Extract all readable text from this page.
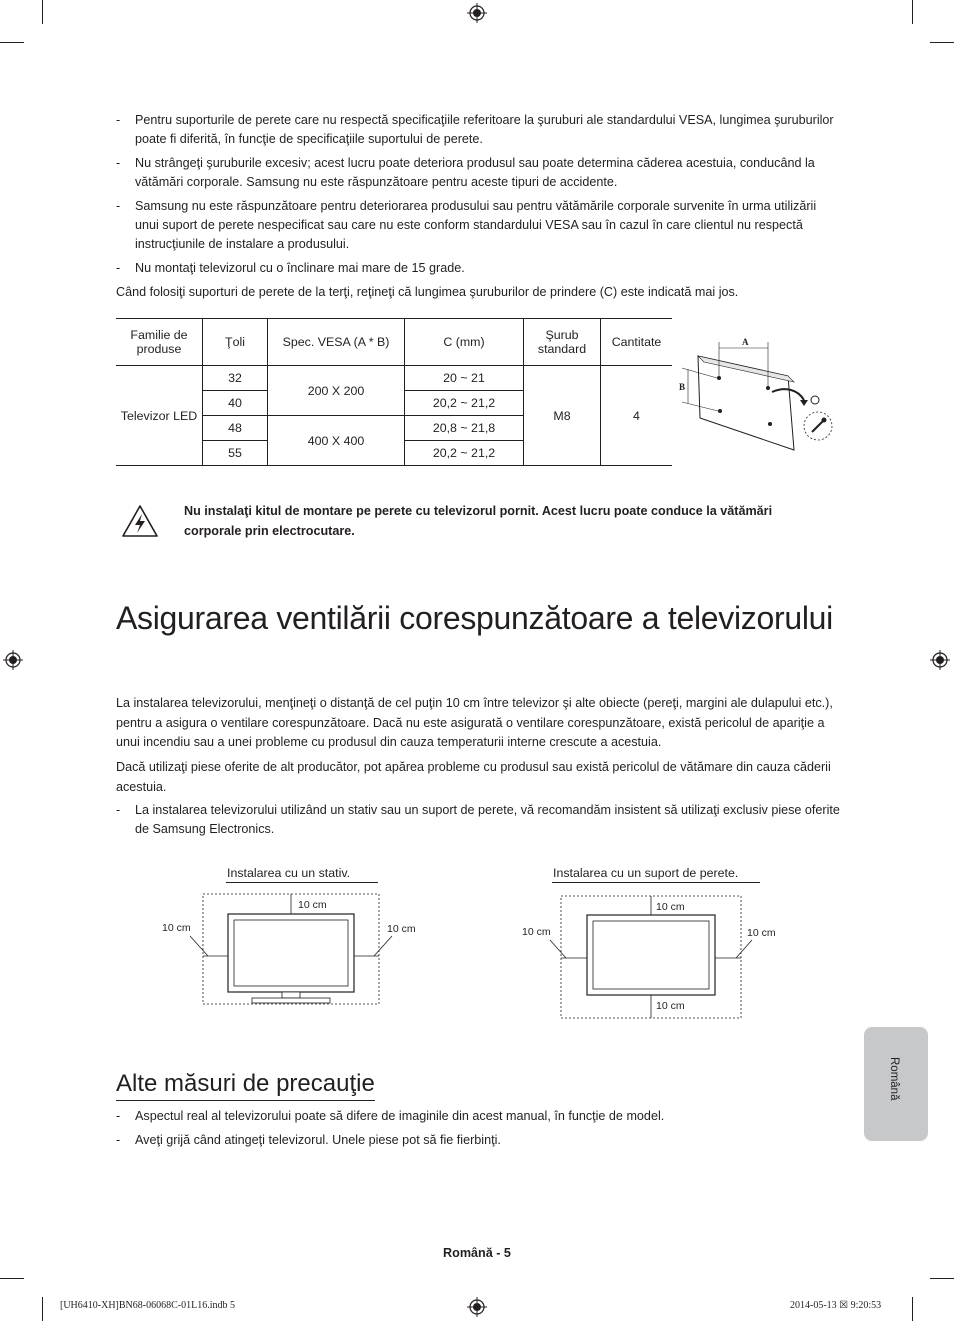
- Pentru suporturile de perete care nu respectă specificaţiile referitoare la şuruburi ale standardului VESA, lungimea şuruburilor poate fi diferită, în funcţie de specificaţiile suportului de perete.
- Nu strângeţi şuruburile excesiv; acest lucru poate deteriora produsul sau poate determina căderea acestuia, conducând la vătămări corporale. Samsung nu este răspunzătoare pentru aceste tipuri de accidente.
- Samsung nu este răspunzătoare pentru deteriorarea produsului sau pentru vătămările corporale survenite în urma utilizării unui suport de perete nespecificat sau care nu este conform standardului VESA sau în cazul în care clientul nu respectă instrucţiunile de instalare a produsului.
- Nu montaţi televizorul cu o înclinare mai mare de 15 grade.
Când folosiţi suporturi de perete de la terţi, reţineţi că lungimea şuruburilor de prindere (C) este indicată mai jos.
Familie de produse	Ţoli	Spec. VESA (A * B)	C (mm)	Şurub standard	Cantitate
Televizor LED	32	200 X 200	20 ~ 21	M8	4
	40		20,2 ~ 21,2		
	48	400 X 400	20,8 ~ 21,8		
	55		20,2 ~ 21,2		
A
B
Nu instalaţi kitul de montare pe perete cu televizorul pornit. Acest lucru poate conduce la vătămări corporale prin electrocutare.
Asigurarea ventilării corespunzătoare a televizorului
La instalarea televizorului, menţineţi o distanţă de cel puţin 10 cm între televizor şi alte obiecte (pereţi, margini ale dulapului etc.), pentru a asigura o ventilare corespunzătoare. Dacă nu este asigurată o ventilare corespunzătoare, există pericolul de apariţie a unui incendiu sau a unei probleme cu produsul din cauza temperaturii interne crescute a acestuia.
Dacă utilizaţi piese oferite de alt producător, pot apărea probleme cu produsul sau există pericolul de vătămare din cauza căderii acestuia.
- La instalarea televizorului utilizând un stativ sau un suport de perete, vă recomandăm insistent să utilizaţi exclusiv piese oferite de Samsung Electronics.
Instalarea cu un stativ.	Instalarea cu un suport de perete.
10 cm
10 cm	10 cm
10 cm
10 cm	10 cm
10 cm
Alte măsuri de precauţie
- Aspectul real al televizorului poate să difere de imaginile din acest manual, în funcţie de model.
- Aveţi grijă când atingeţi televizorul. Unele piese pot să fie fierbinţi.
Română
Română - 5
[UH6410-XH]BN68-06068C-01L16.indb 5	2014-05-13 ☒ 9:20:53
